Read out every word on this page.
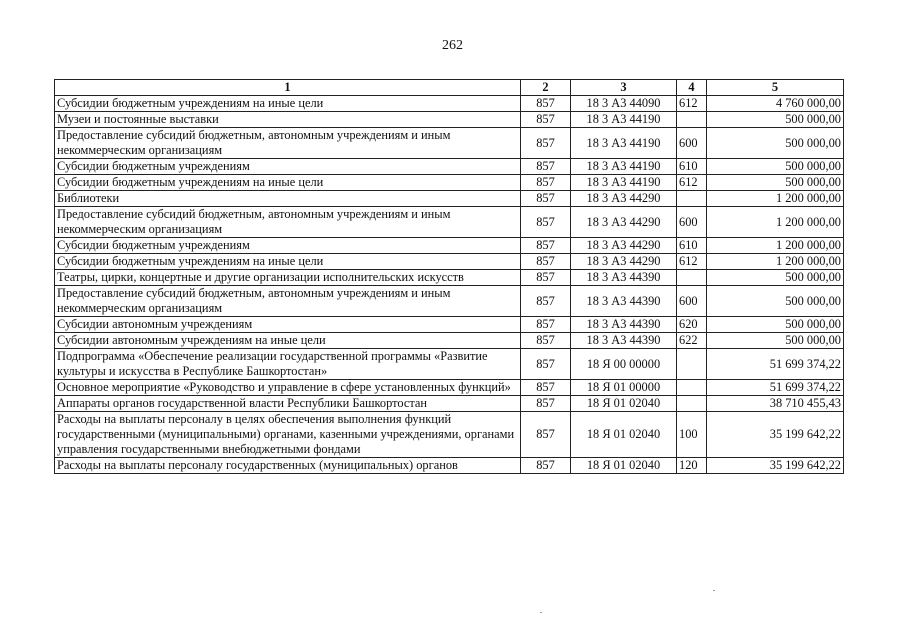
262
1	2	3	4	5
Субсидии бюджетным учреждениям на иные цели	857	18 3 А3 44090	612	4 760 000,00
Музеи и постоянные выставки	857	18 3 А3 44190		500 000,00
Предоставление субсидий бюджетным, автономным учреждениям и иным некоммерческим организациям	857	18 3 А3 44190	600	500 000,00
Субсидии бюджетным учреждениям	857	18 3 А3 44190	610	500 000,00
Субсидии бюджетным учреждениям на иные цели	857	18 3 А3 44190	612	500 000,00
Библиотеки	857	18 3 А3 44290		1 200 000,00
Предоставление субсидий бюджетным, автономным учреждениям и иным некоммерческим организациям	857	18 3 А3 44290	600	1 200 000,00
Субсидии бюджетным учреждениям	857	18 3 А3 44290	610	1 200 000,00
Субсидии бюджетным учреждениям на иные цели	857	18 3 А3 44290	612	1 200 000,00
Театры, цирки, концертные и другие организации исполнительских искусств	857	18 3 А3 44390		500 000,00
Предоставление субсидий бюджетным, автономным учреждениям и иным некоммерческим организациям	857	18 3 А3 44390	600	500 000,00
Субсидии автономным учреждениям	857	18 3 А3 44390	620	500 000,00
Субсидии автономным учреждениям на иные цели	857	18 3 А3 44390	622	500 000,00
Подпрограмма «Обеспечение реализации государственной программы «Развитие культуры и искусства в Республике Башкортостан»	857	18 Я 00 00000		51 699 374,22
Основное мероприятие «Руководство и управление в сфере установленных функций»	857	18 Я 01 00000		51 699 374,22
Аппараты органов государственной власти Республики Башкортостан	857	18 Я 01 02040		38 710 455,43
Расходы на выплаты персоналу в целях обеспечения выполнения функций государственными (муниципальными) органами, казенными учреждениями, органами управления государственными внебюджетными фондами	857	18 Я 01 02040	100	35 199 642,22
Расходы на выплаты персоналу государственных (муниципальных) органов	857	18 Я 01 02040	120	35 199 642,22
